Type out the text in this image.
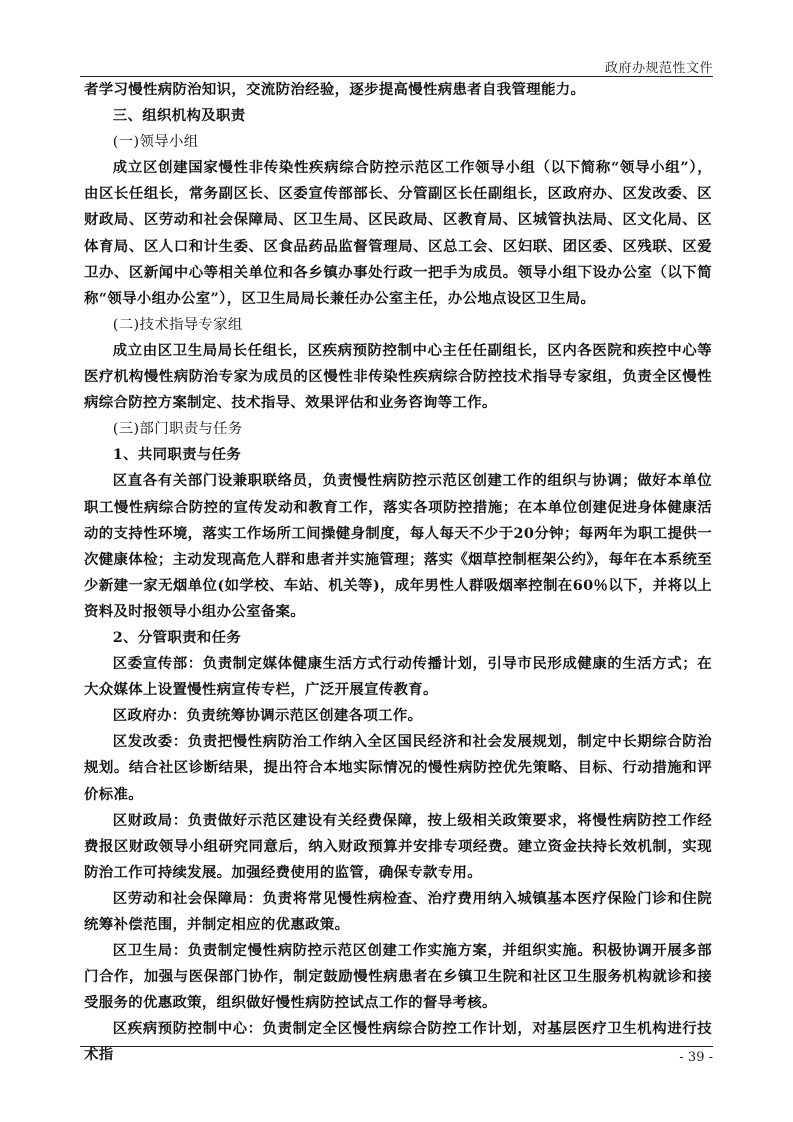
政府办规范性文件

者学习慢性病防治知识，交流防治经验，逐步提高慢性病患者自我管理能力。

三、组织机构及职责

(一)领导小组

成立区创建国家慢性非传染性疾病综合防控示范区工作领导小组（以下简称“领导小组”），由区长任组长，常务副区长、区委宣传部部长、分管副区长任副组长，区政府办、区发改委、区财政局、区劳动和社会保障局、区卫生局、区民政局、区教育局、区城管执法局、区文化局、区体育局、区人口和计生委、区食品药品监督管理局、区总工会、区妇联、团区委、区残联、区爱卫办、区新闻中心等相关单位和各乡镇办事处行政一把手为成员。领导小组下设办公室（以下简称“领导小组办公室”），区卫生局局长兼任办公室主任，办公地点设区卫生局。

(二)技术指导专家组

成立由区卫生局局长任组长，区疾病预防控制中心主任任副组长，区内各医院和疾控中心等医疗机构慢性病防治专家为成员的区慢性非传染性疾病综合防控技术指导专家组，负责全区慢性病综合防控方案制定、技术指导、效果评估和业务咨询等工作。

(三)部门职责与任务

1、共同职责与任务

区直各有关部门设兼职联络员，负责慢性病防控示范区创建工作的组织与协调；做好本单位职工慢性病综合防控的宣传发动和教育工作，落实各项防控措施；在本单位创建促进身体健康活动的支持性环境，落实工作场所工间操健身制度，每人每天不少于20分钟；每两年为职工提供一次健康体检；主动发现高危人群和患者并实施管理；落实《烟草控制框架公约》，每年在本系统至少新建一家无烟单位(如学校、车站、机关等)，成年男性人群吸烟率控制在60％以下，并将以上资料及时报领导小组办公室备案。

2、分管职责和任务

区委宣传部：负责制定媒体健康生活方式行动传播计划，引导市民形成健康的生活方式；在大众媒体上设置慢性病宣传专栏，广泛开展宣传教育。

区政府办：负责统筹协调示范区创建各项工作。

区发改委：负责把慢性病防治工作纳入全区国民经济和社会发展规划，制定中长期综合防治规划。结合社区诊断结果，提出符合本地实际情况的慢性病防控优先策略、目标、行动措施和评价标准。

区财政局：负责做好示范区建设有关经费保障，按上级相关政策要求，将慢性病防控工作经费报区财政领导小组研究同意后，纳入财政预算并安排专项经费。建立资金扶持长效机制，实现防治工作可持续发展。加强经费使用的监管，确保专款专用。

区劳动和社会保障局：负责将常见慢性病检查、治疗费用纳入城镇基本医疗保险门诊和住院统筹补偿范围，并制定相应的优惠政策。

区卫生局：负责制定慢性病防控示范区创建工作实施方案，并组织实施。积极协调开展多部门合作，加强与医保部门协作，制定鼓励慢性病患者在乡镇卫生院和社区卫生服务机构就诊和接受服务的优惠政策，组织做好慢性病防控试点工作的督导考核。

区疾病预防控制中心：负责制定全区慢性病综合防控工作计划，对基层医疗卫生机构进行技术指	- 39 -
